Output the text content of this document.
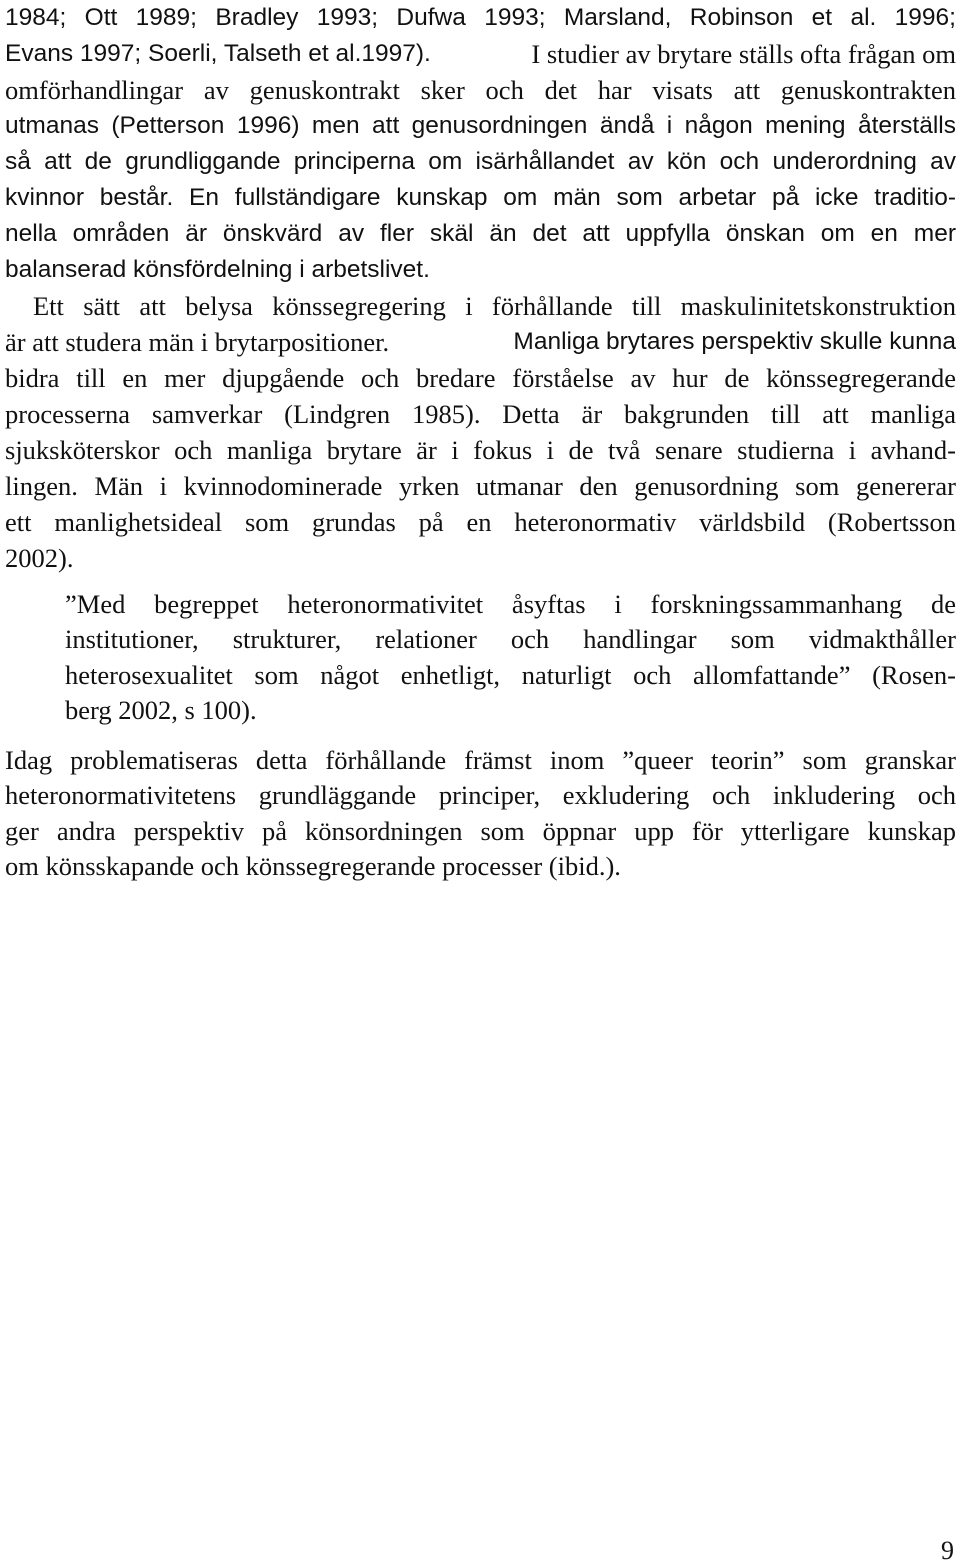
1984; Ott 1989; Bradley 1993; Dufwa 1993; Marsland, Robinson et al. 1996;
Evans 1997; Soerli, Talseth et al.1997).	I studier av brytare ställs ofta frågan om
omförhandlingar av genuskontrakt sker och det har visats att genuskontrakten
utmanas (Petterson 1996) men att genusordningen ändå i någon mening återställs
så att de grundliggande principerna om isärhållandet av kön och underordning av
kvinnor består. En fullständigare kunskap om män som arbetar på icke traditio-
nella områden är önskvärd av fler skäl än det att uppfylla önskan om en mer
balanserad könsfördelning i arbetslivet.
Ett sätt att belysa könssegregering i förhållande till maskulinitetskonstruktion
är att studera män i brytarpositioner.	Manliga brytares perspektiv skulle kunna
bidra till en mer djupgående och bredare förståelse av hur de könssegregerande
processerna samverkar (Lindgren 1985). Detta är bakgrunden till att manliga
sjuksköterskor och manliga brytare är i fokus i de två senare studierna i avhand-
lingen. Män i kvinnodominerade yrken utmanar den genusordning som genererar
ett manlighetsideal som grundas på en heteronormativ världsbild (Robertsson
2002).
”Med begreppet heteronormativitet åsyftas i forskningssammanhang de
institutioner, strukturer, relationer och handlingar som vidmakthåller
heterosexualitet som något enhetligt, naturligt och allomfattande” (Rosen-
berg 2002, s 100).
Idag problematiseras detta förhållande främst inom ”queer teorin” som granskar
heteronormativitetens grundläggande principer, exkludering och inkludering och
ger andra perspektiv på könsordningen som öppnar upp för ytterligare kunskap
om könsskapande och könssegregerande processer (ibid.).
9
